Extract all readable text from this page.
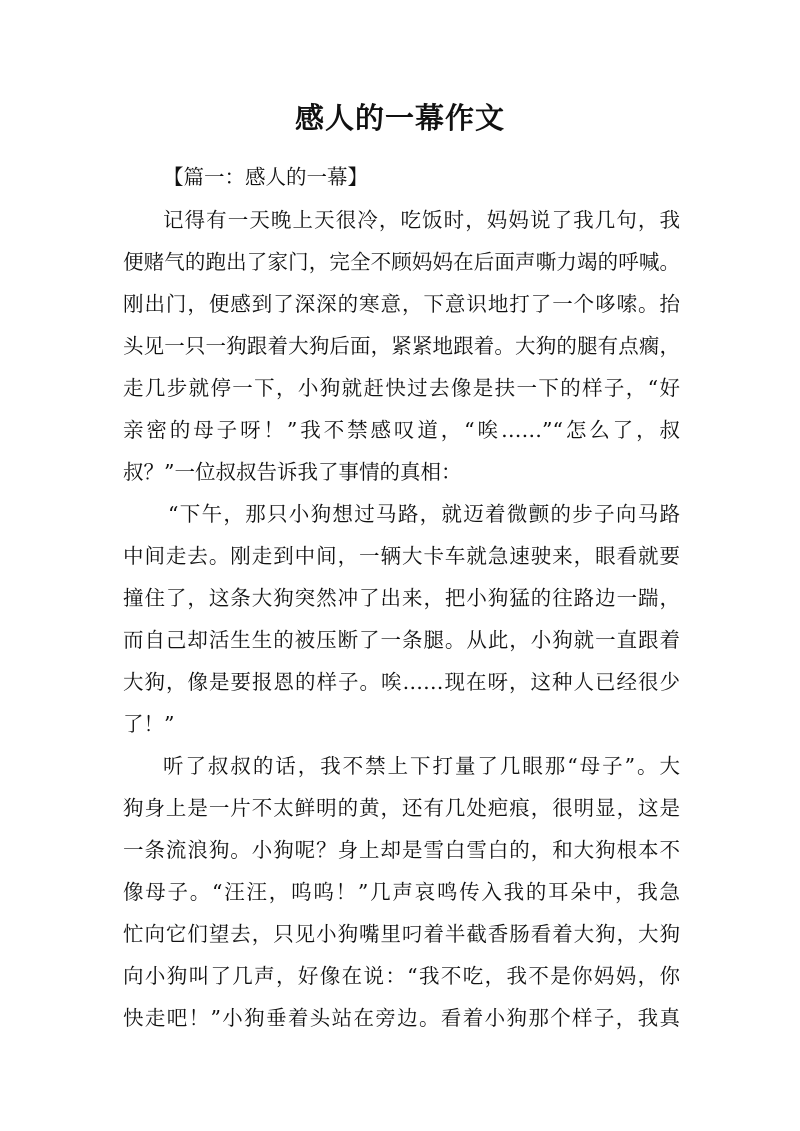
感人的一幕作文
【篇一：感人的一幕】
记得有一天晚上天很冷，吃饭时，妈妈说了我几句，我
便赌气的跑出了家门，完全不顾妈妈在后面声嘶力竭的呼喊。
刚出门，便感到了深深的寒意，下意识地打了一个哆嗦。抬
头见一只一狗跟着大狗后面，紧紧地跟着。大狗的腿有点瘸，
走几步就停一下，小狗就赶快过去像是扶一下的样子，“好
亲密的母子呀！”我不禁感叹道，“唉……”“怎么了，叔
叔？”一位叔叔告诉我了事情的真相：
“下午，那只小狗想过马路，就迈着微颤的步子向马路
中间走去。刚走到中间，一辆大卡车就急速驶来，眼看就要
撞住了，这条大狗突然冲了出来，把小狗猛的往路边一踹，
而自己却活生生的被压断了一条腿。从此，小狗就一直跟着
大狗，像是要报恩的样子。唉……现在呀，这种人已经很少
了！”
听了叔叔的话，我不禁上下打量了几眼那“母子”。大
狗身上是一片不太鲜明的黄，还有几处疤痕，很明显，这是
一条流浪狗。小狗呢？身上却是雪白雪白的，和大狗根本不
像母子。“汪汪，呜呜！”几声哀鸣传入我的耳朵中，我急
忙向它们望去，只见小狗嘴里叼着半截香肠看着大狗，大狗
向小狗叫了几声，好像在说：“我不吃，我不是你妈妈，你
快走吧！”小狗垂着头站在旁边。看着小狗那个样子，我真
